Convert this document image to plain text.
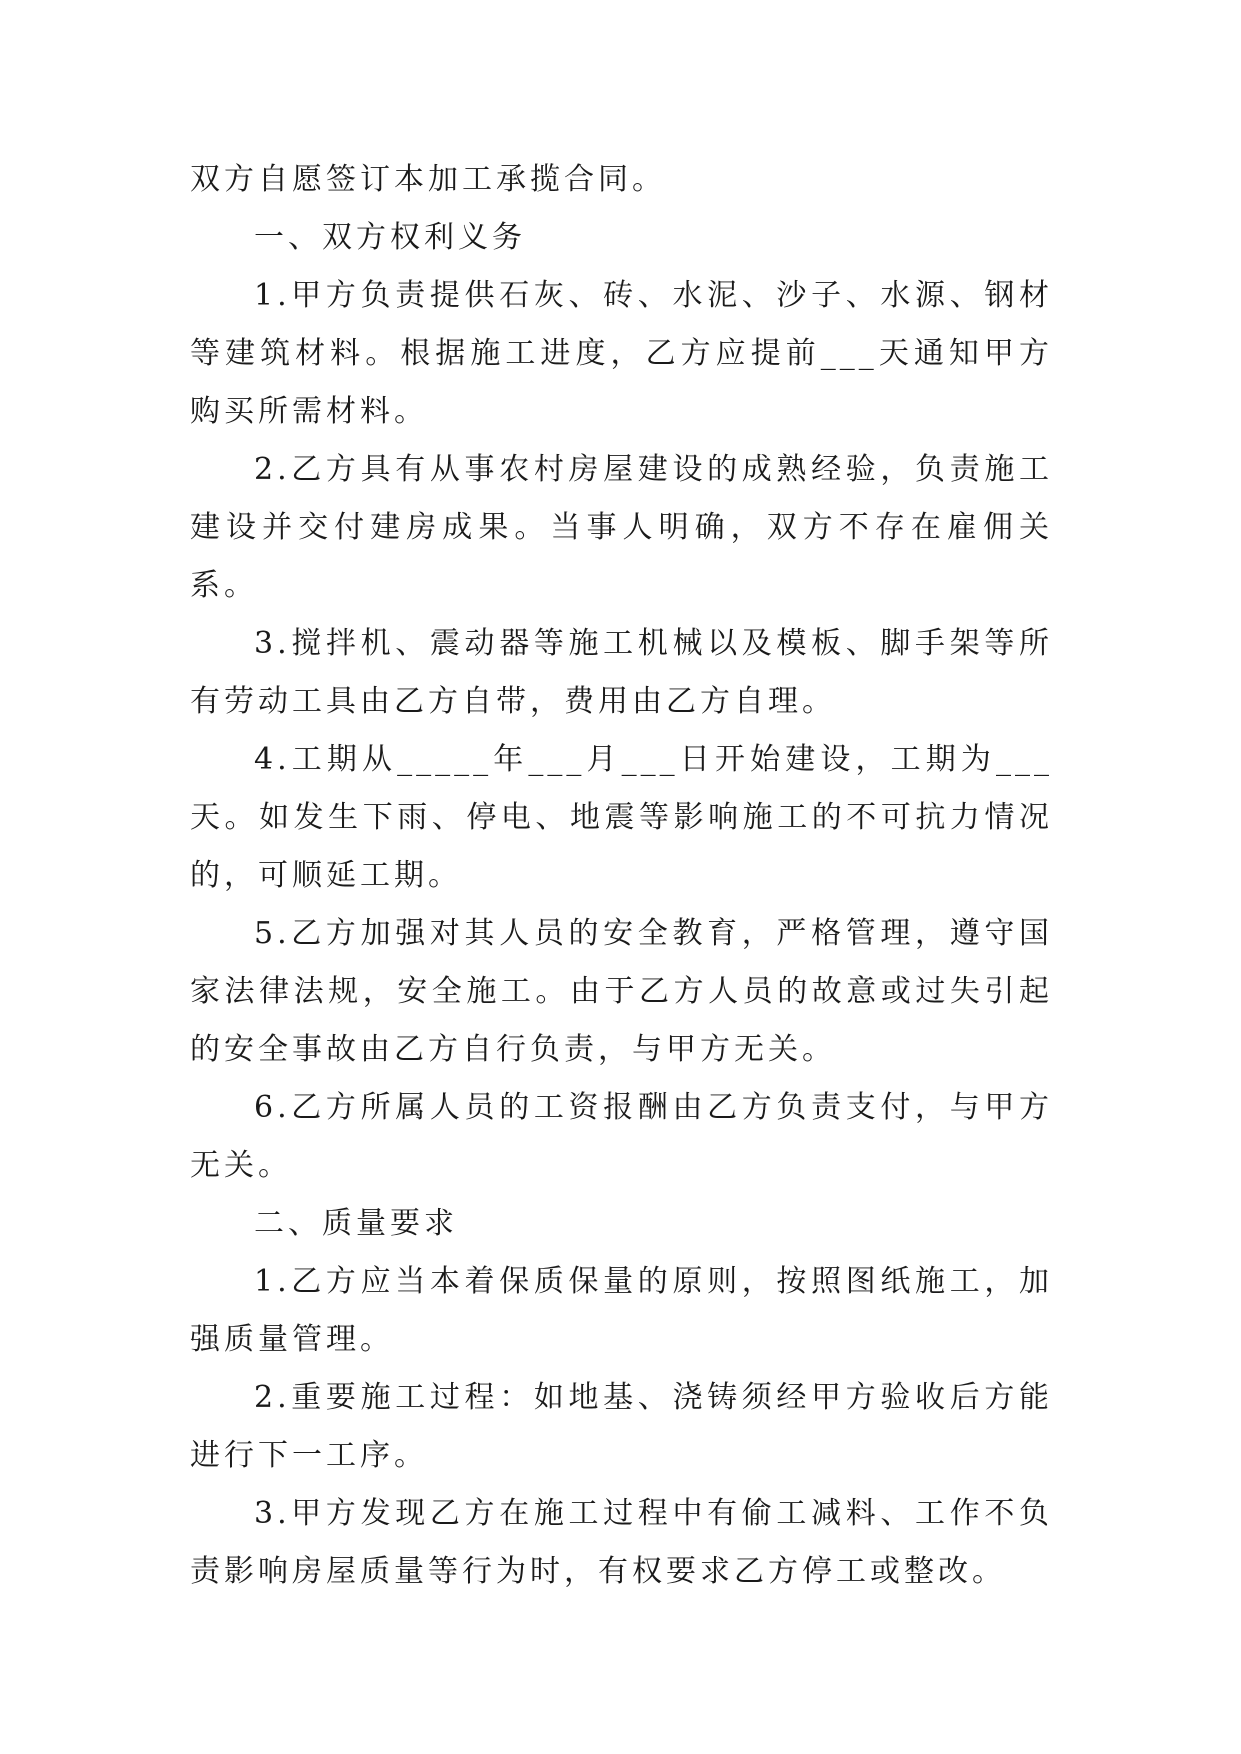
双方自愿签订本加工承揽合同。

一、双方权利义务

1.甲方负责提供石灰、砖、水泥、沙子、水源、钢材等建筑材料。根据施工进度，乙方应提前___天通知甲方购买所需材料。

2.乙方具有从事农村房屋建设的成熟经验，负责施工建设并交付建房成果。当事人明确，双方不存在雇佣关系。

3.搅拌机、震动器等施工机械以及模板、脚手架等所有劳动工具由乙方自带，费用由乙方自理。

4.工期从_____年___月___日开始建设，工期为___天。如发生下雨、停电、地震等影响施工的不可抗力情况的，可顺延工期。

5.乙方加强对其人员的安全教育，严格管理，遵守国家法律法规，安全施工。由于乙方人员的故意或过失引起的安全事故由乙方自行负责，与甲方无关。

6.乙方所属人员的工资报酬由乙方负责支付，与甲方无关。

二、质量要求

1.乙方应当本着保质保量的原则，按照图纸施工，加强质量管理。

2.重要施工过程：如地基、浇铸须经甲方验收后方能进行下一工序。

3.甲方发现乙方在施工过程中有偷工减料、工作不负责影响房屋质量等行为时，有权要求乙方停工或整改。
